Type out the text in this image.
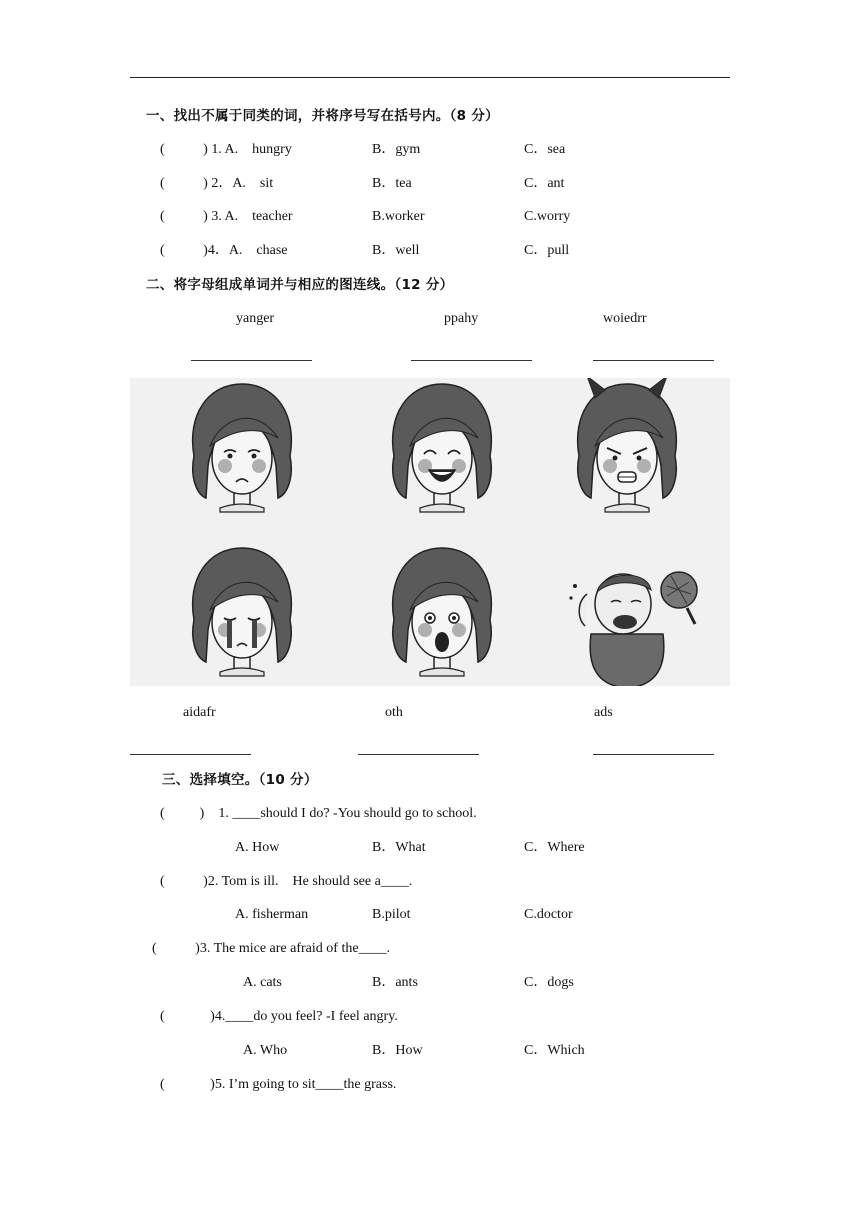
一、找出不属于同类的词，并将序号写在括号内。（8 分）
(           ) 1. A.    hungry	B．gym	C．sea
(           ) 2．A.    sit	B．tea	C．ant
(           ) 3. A.    teacher	B.worker	C.worry
(           )4．A.    chase	B．well	C．pull
二、将字母组成单词并与相应的图连线。（12 分）
yanger	ppahy	woiedrr
aidafr	oth	ads
三、选择填空。（10 分）
(          )    1. ____should I do? -You should go to school.
A. How	B．What	C．Where
(           )2. Tom is ill.    He should see a____.
A. fisherman	B.pilot	C.doctor
(           )3. The mice are afraid of the____.
A. cats	B．ants	C．dogs
(             )4.____do you feel? -I feel angry.
A. Who	B．How	C．Which
(             )5. I’m going to sit____the grass.
